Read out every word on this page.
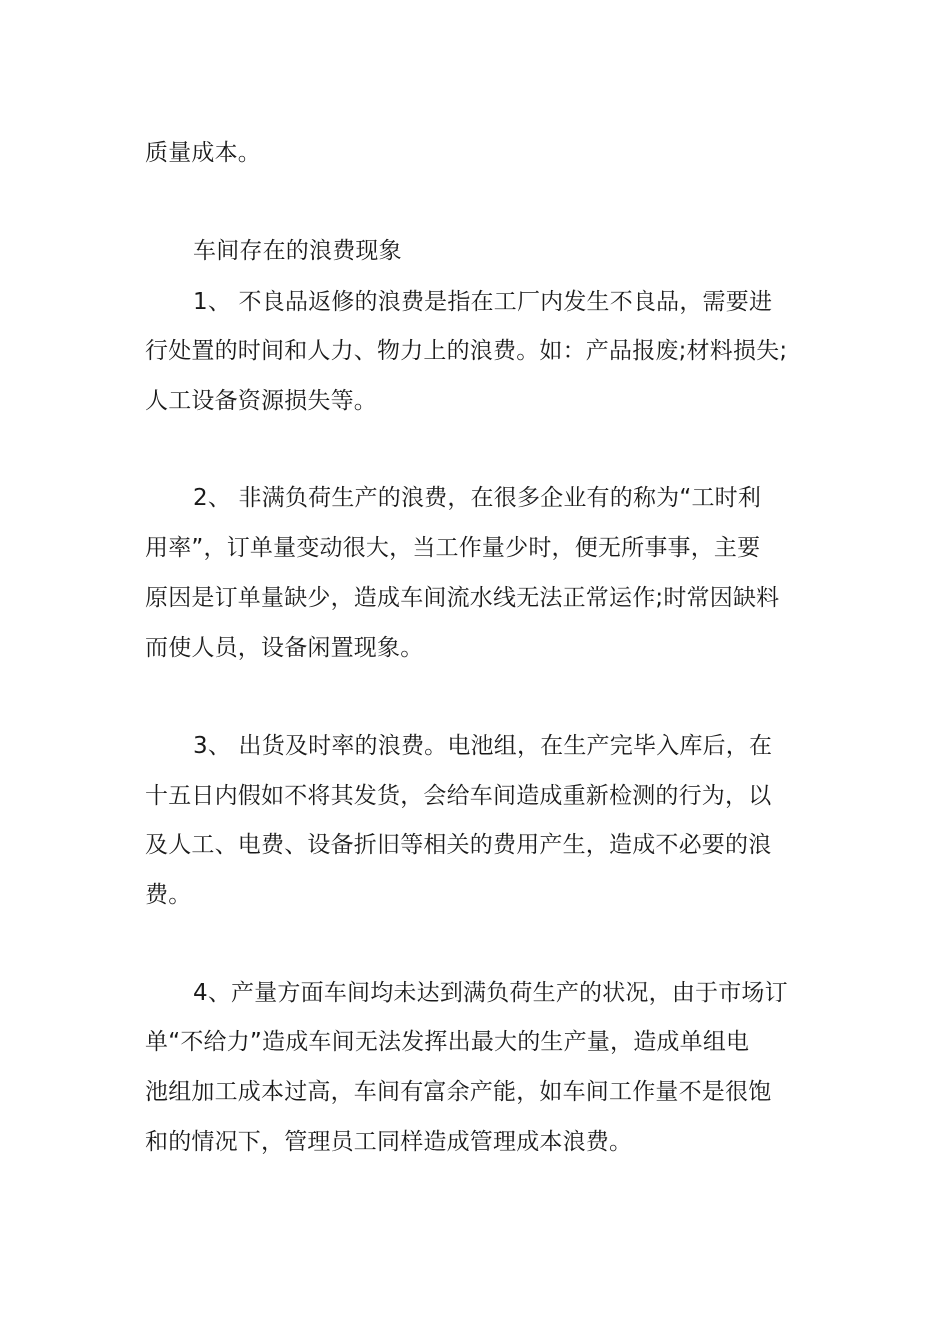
质量成本。
车间存在的浪费现象
1、 不良品返修的浪费是指在工厂内发生不良品，需要进
行处置的时间和人力、物力上的浪费。如：产品报废;材料损失;
人工设备资源损失等。
2、 非满负荷生产的浪费，在很多企业有的称为“工时利
用率”，订单量变动很大，当工作量少时，便无所事事，主要
原因是订单量缺少，造成车间流水线无法正常运作;时常因缺料
而使人员，设备闲置现象。
3、 出货及时率的浪费。电池组，在生产完毕入库后，在
十五日内假如不将其发货，会给车间造成重新检测的行为，以
及人工、电费、设备折旧等相关的费用产生，造成不必要的浪
费。
4、产量方面车间均未达到满负荷生产的状况，由于市场订
单“不给力”造成车间无法发挥出最大的生产量，造成单组电
池组加工成本过高，车间有富余产能，如车间工作量不是很饱
和的情况下，管理员工同样造成管理成本浪费。
